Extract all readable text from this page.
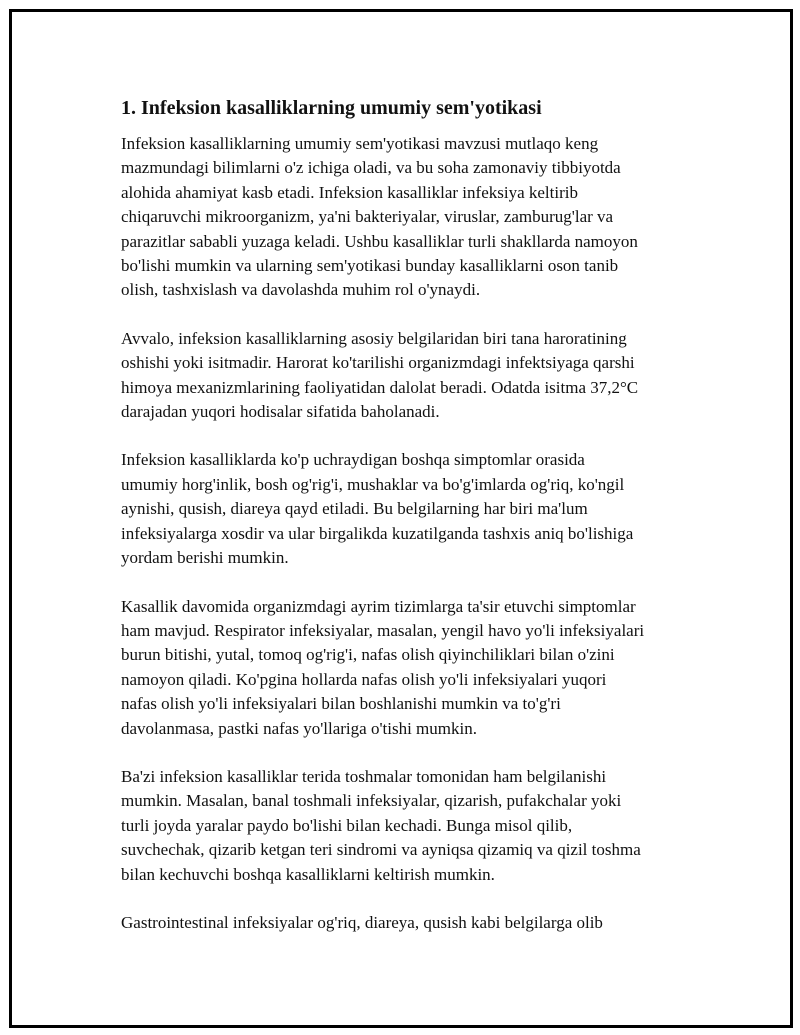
1. Infeksion kasalliklarning umumiy sem'yotikasi

Infeksion kasalliklarning umumiy sem'yotikasi mavzusi mutlaqo keng
mazmundagi bilimlarni o'z ichiga oladi, va bu soha zamonaviy tibbiyotda
alohida ahamiyat kasb etadi. Infeksion kasalliklar infeksiya keltirib
chiqaruvchi mikroorganizm, ya'ni bakteriyalar, viruslar, zamburug'lar va
parazitlar sababli yuzaga keladi. Ushbu kasalliklar turli shakllarda namoyon
bo'lishi mumkin va ularning sem'yotikasi bunday kasalliklarni oson tanib
olish, tashxislash va davolashda muhim rol o'ynaydi.

Avvalo, infeksion kasalliklarning asosiy belgilaridan biri tana haroratining
oshishi yoki isitmadir. Harorat ko'tarilishi organizmdagi infektsiyaga qarshi
himoya mexanizmlarining faoliyatidan dalolat beradi. Odatda isitma 37,2°C
darajadan yuqori hodisalar sifatida baholanadi.

Infeksion kasalliklarda ko'p uchraydigan boshqa simptomlar orasida
umumiy horg'inlik, bosh og'rig'i, mushaklar va bo'g'imlarda og'riq, ko'ngil
aynishi, qusish, diareya qayd etiladi. Bu belgilarning har biri ma'lum
infeksiyalarga xosdir va ular birgalikda kuzatilganda tashxis aniq bo'lishiga
yordam berishi mumkin.

Kasallik davomida organizmdagi ayrim tizimlarga ta'sir etuvchi simptomlar
ham mavjud. Respirator infeksiyalar, masalan, yengil havo yo'li infeksiyalari
burun bitishi, yutal, tomoq og'rig'i, nafas olish qiyinchiliklari bilan o'zini
namoyon qiladi. Ko'pgina hollarda nafas olish yo'li infeksiyalari yuqori
nafas olish yo'li infeksiyalari bilan boshlanishi mumkin va to'g'ri
davolanmasa, pastki nafas yo'llariga o'tishi mumkin.

Ba'zi infeksion kasalliklar terida toshmalar tomonidan ham belgilanishi
mumkin. Masalan, banal toshmali infeksiyalar, qizarish, pufakchalar yoki
turli joyda yaralar paydo bo'lishi bilan kechadi. Bunga misol qilib,
suvchechak, qizarib ketgan teri sindromi va ayniqsa qizamiq va qizil toshma
bilan kechuvchi boshqa kasalliklarni keltirish mumkin.

Gastrointestinal infeksiyalar og'riq, diareya, qusish kabi belgilarga olib
